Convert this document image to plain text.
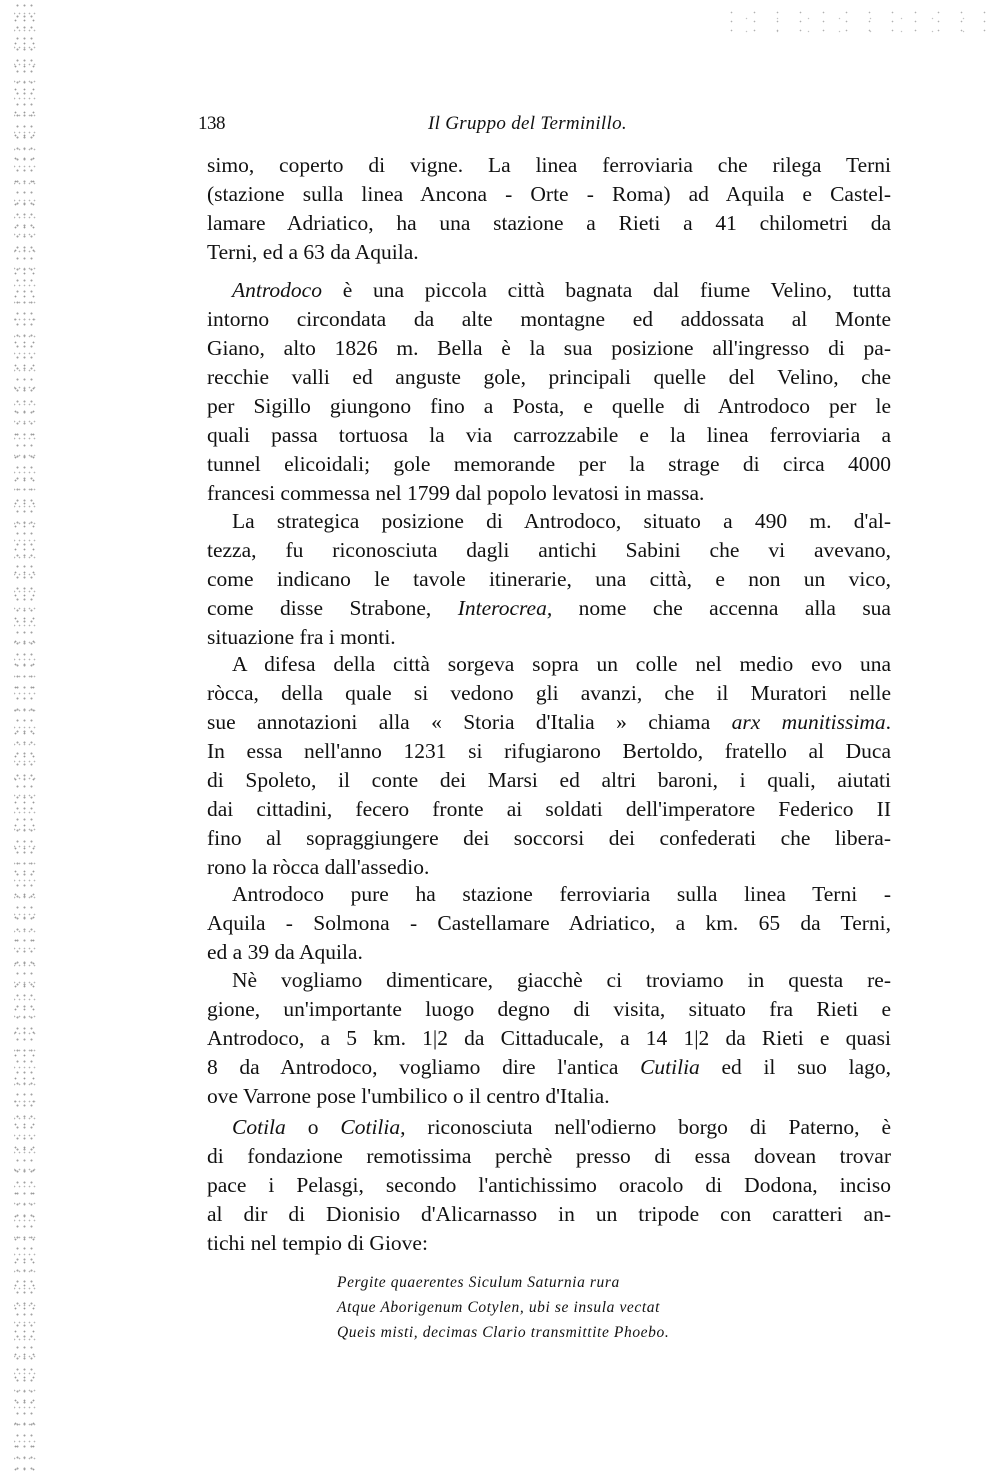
138	Il Gruppo del Terminillo.
simo, coperto di vigne. La linea ferroviaria che rilega Terni
(stazione sulla linea Ancona - Orte - Roma) ad Aquila e Castel-
lamare Adriatico, ha una stazione a Rieti a 41 chilometri da
Terni, ed a 63 da Aquila.
Antrodoco è una piccola città bagnata dal fiume Velino, tutta
intorno circondata da alte montagne ed addossata al Monte
Giano, alto 1826 m. Bella è la sua posizione all'ingresso di pa-
recchie valli ed anguste gole, principali quelle del Velino, che
per Sigillo giungono fino a Posta, e quelle di Antrodoco per le
quali passa tortuosa la via carrozzabile e la linea ferroviaria a
tunnel elicoidali; gole memorande per la strage di circa 4000
francesi commessa nel 1799 dal popolo levatosi in massa.
La strategica posizione di Antrodoco, situato a 490 m. d'al-
tezza, fu riconosciuta dagli antichi Sabini che vi avevano,
come indicano le tavole itinerarie, una città, e non un vico,
come disse Strabone, Interocrea, nome che accenna alla sua
situazione fra i monti.
A difesa della città sorgeva sopra un colle nel medio evo una
ròcca, della quale si vedono gli avanzi, che il Muratori nelle
sue annotazioni alla « Storia d'Italia » chiama arx munitissima.
In essa nell'anno 1231 si rifugiarono Bertoldo, fratello al Duca
di Spoleto, il conte dei Marsi ed altri baroni, i quali, aiutati
dai cittadini, fecero fronte ai soldati dell'imperatore Federico II
fino al sopraggiungere dei soccorsi dei confederati che libera-
rono la ròcca dall'assedio.
Antrodoco pure ha stazione ferroviaria sulla linea Terni -
Aquila - Solmona - Castellamare Adriatico, a km. 65 da Terni,
ed a 39 da Aquila.
Nè vogliamo dimenticare, giacchè ci troviamo in questa re-
gione, un'importante luogo degno di visita, situato fra Rieti e
Antrodoco, a 5 km. 1|2 da Cittaducale, a 14 1|2 da Rieti e quasi
8 da Antrodoco, vogliamo dire l'antica Cutilia ed il suo lago,
ove Varrone pose l'umbilico o il centro d'Italia.
Cotila o Cotilia, riconosciuta nell'odierno borgo di Paterno, è
di fondazione remotissima perchè presso di essa dovean trovar
pace i Pelasgi, secondo l'antichissimo oracolo di Dodona, inciso
al dir di Dionisio d'Alicarnasso in un tripode con caratteri an-
tichi nel tempio di Giove:
Pergite quaerentes Siculum Saturnia rura
Atque Aborigenum Cotylen, ubi se insula vectat
Queis misti, decimas Clario transmittite Phoebo.
